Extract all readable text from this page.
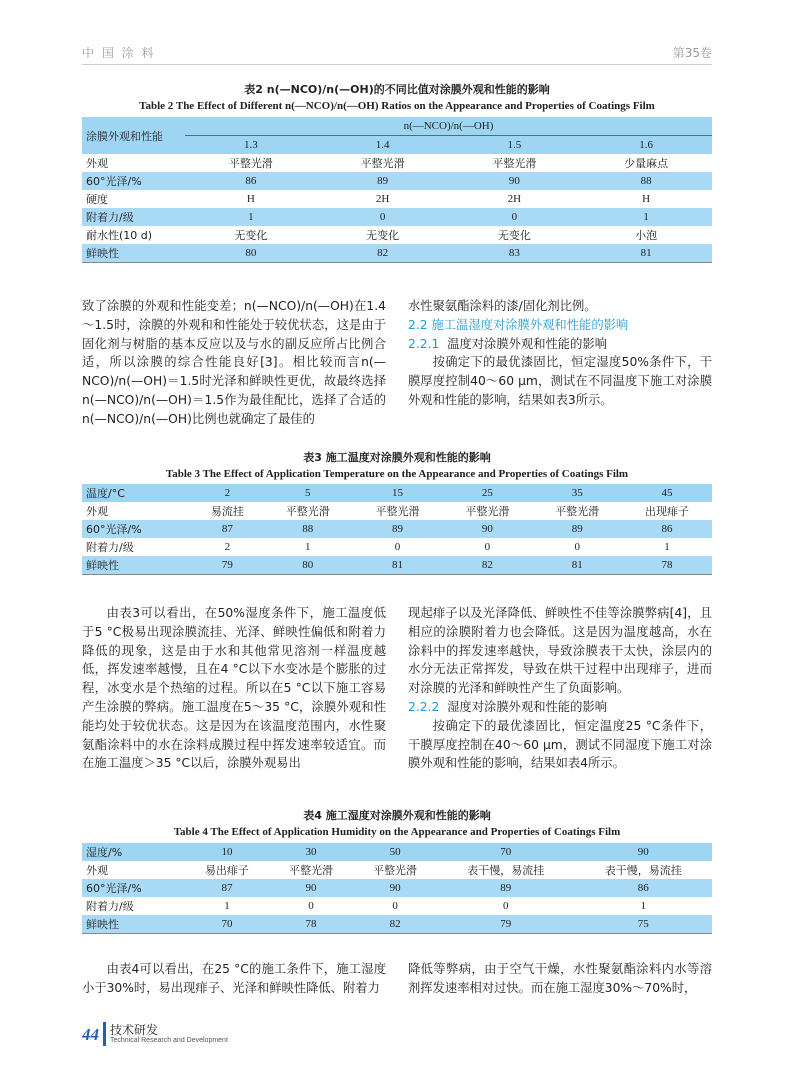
中 国 涂 料	第35卷
表2 n(—NCO)/n(—OH)的不同比值对涂膜外观和性能的影响
Table 2 The Effect of Different n(—NCO)/n(—OH) Ratios on the Appearance and Properties of Coatings Film
涂膜外观和性能	n(—NCO)/n(—OH)			
	1.3	1.4	1.5	1.6
外观	平整光滑	平整光滑	平整光滑	少量麻点
60°光泽/%	86	89	90	88
硬度	H	2H	2H	H
附着力/级	1	0	0	1
耐水性(10 d)	无变化	无变化	无变化	小泡
鲜映性	80	82	83	81

致了涂膜的外观和性能变差；n(—NCO)/n(—OH)在1.4～1.5时，涂膜的外观和和性能处于较优状态，这是由于固化剂与树脂的基本反应以及与水的副反应所占比例合适，所以涂膜的综合性能良好[3]。相比较而言n(—NCO)/n(—OH)＝1.5时光泽和鲜映性更优，故最终选择n(—NCO)/n(—OH)＝1.5作为最佳配比，选择了合适的n(—NCO)/n(—OH)比例也就确定了最佳的

水性聚氨酯涂料的漆/固化剂比例。

2.2 施工温湿度对涂膜外观和性能的影响

2.2.1 温度对涂膜外观和性能的影响

按确定下的最优漆固比，恒定湿度50%条件下，干膜厚度控制40～60 μm，测试在不同温度下施工对涂膜外观和性能的影响，结果如表3所示。

表3 施工温度对涂膜外观和性能的影响
Table 3 The Effect of Application Temperature on the Appearance and Properties of Coatings Film
温度/°C	2	5	15	25	35	45
外观	易流挂	平整光滑	平整光滑	平整光滑	平整光滑	出现痱子
60°光泽/%	87	88	89	90	89	86
附着力/级	2	1	0	0	0	1
鲜映性	79	80	81	82	81	78

由表3可以看出，在50%湿度条件下，施工温度低于5 °C极易出现涂膜流挂、光泽、鲜映性偏低和附着力降低的现象，这是由于水和其他常见溶剂一样温度越低，挥发速率越慢，且在4 °C以下水变冰是个膨胀的过程，冰变水是个热缩的过程。所以在5 °C以下施工容易产生涂膜的弊病。施工温度在5～35 °C，涂膜外观和性能均处于较优状态。这是因为在该温度范围内，水性聚氨酯涂料中的水在涂料成膜过程中挥发速率较适宜。而在施工温度＞35 °C以后，涂膜外观易出

现起痱子以及光泽降低、鲜映性不佳等涂膜弊病[4]，且相应的涂膜附着力也会降低。这是因为温度越高，水在涂料中的挥发速率越快，导致涂膜表干太快，涂层内的水分无法正常挥发，导致在烘干过程中出现痱子，进而对涂膜的光泽和鲜映性产生了负面影响。

2.2.2 湿度对涂膜外观和性能的影响

按确定下的最优漆固比，恒定温度25 °C条件下，干膜厚度控制在40～60 μm，测试不同湿度下施工对涂膜外观和性能的影响，结果如表4所示。

表4 施工湿度对涂膜外观和性能的影响
Table 4 The Effect of Application Humidity on the Appearance and Properties of Coatings Film
湿度/%	10	30	50	70	90
外观	易出痱子	平整光滑	平整光滑	表干慢，易流挂	表干慢，易流挂
60°光泽/%	87	90	90	89	86
附着力/级	1	0	0	0	1
鲜映性	70	78	82	79	75

由表4可以看出，在25 °C的施工条件下，施工湿度小于30%时，易出现痱子、光泽和鲜映性降低、附着力

降低等弊病，由于空气干燥，水性聚氨酯涂料内水等溶剂挥发速率相对过快。而在施工湿度30%～70%时，

44 技术研发
Technical Research and Development
